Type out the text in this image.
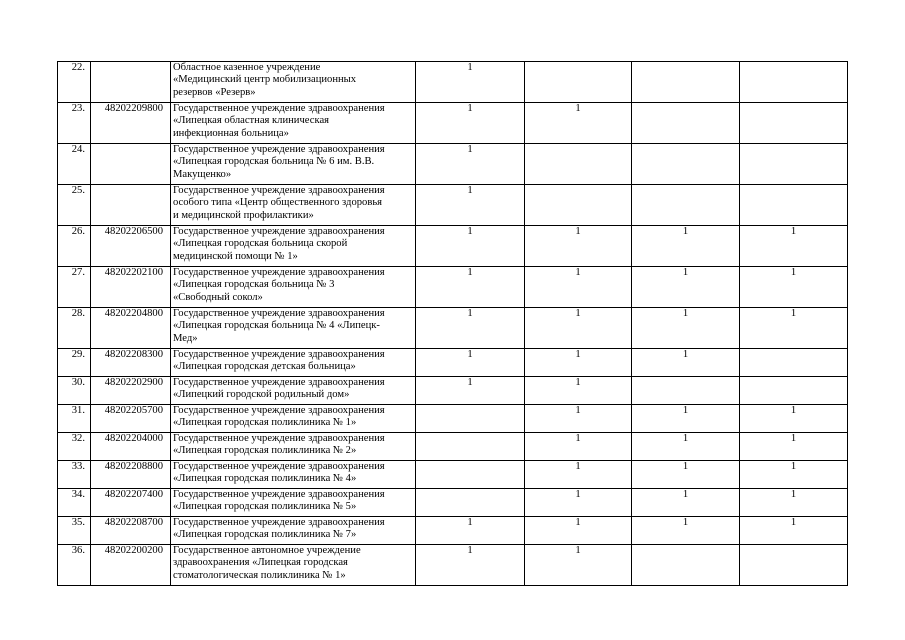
22.		Областное казенное учреждение
«Медицинский центр мобилизационных
резервов «Резерв»	1			
23.	48202209800	Государственное учреждение здравоохранения
«Липецкая областная клиническая
инфекционная больница»	1	1		
24.		Государственное учреждение здравоохранения
«Липецкая городская больница № 6 им. В.В.
Макущенко»	1			
25.		Государственное учреждение здравоохранения
особого типа «Центр общественного здоровья
и медицинской профилактики»	1			
26.	48202206500	Государственное учреждение здравоохранения
«Липецкая городская больница скорой
медицинской помощи № 1»	1	1	1	1
27.	48202202100	Государственное учреждение здравоохранения
«Липецкая городская больница № 3
«Свободный сокол»	1	1	1	1
28.	48202204800	Государственное учреждение здравоохранения
«Липецкая городская больница № 4 «Липецк-
Мед»	1	1	1	1
29.	48202208300	Государственное учреждение здравоохранения
«Липецкая городская детская больница»	1	1	1	
30.	48202202900	Государственное учреждение здравоохранения
«Липецкий городской родильный дом»	1	1		
31.	48202205700	Государственное учреждение здравоохранения
«Липецкая городская поликлиника № 1»		1	1	1
32.	48202204000	Государственное учреждение здравоохранения
«Липецкая городская поликлиника № 2»		1	1	1
33.	48202208800	Государственное учреждение здравоохранения
«Липецкая городская поликлиника № 4»		1	1	1
34.	48202207400	Государственное учреждение здравоохранения
«Липецкая городская поликлиника № 5»		1	1	1
35.	48202208700	Государственное учреждение здравоохранения
«Липецкая городская поликлиника № 7»	1	1	1	1
36.	48202200200	Государственное автономное учреждение
здравоохранения «Липецкая городская
стоматологическая поликлиника № 1»	1	1		
